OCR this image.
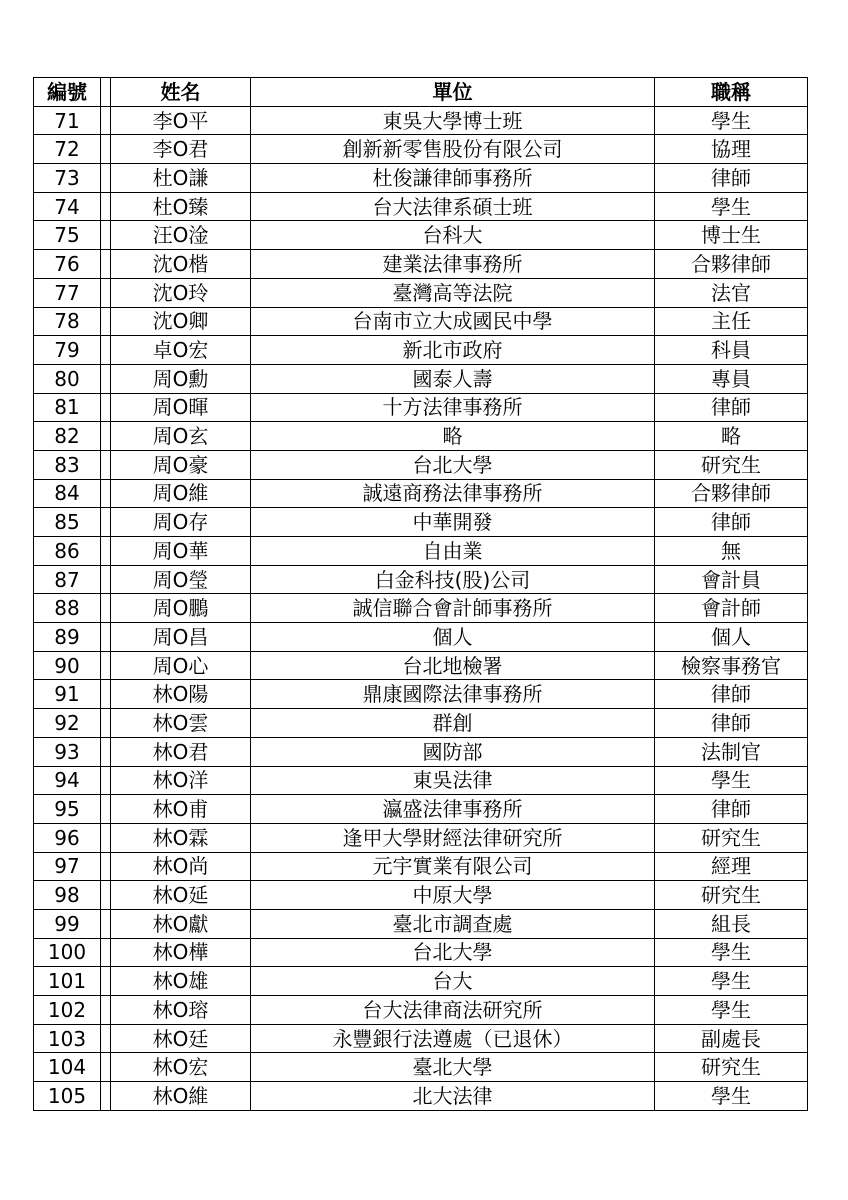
編號		姓名	單位	職稱
71		李O平	東吳大學博士班	學生
72		李O君	創新新零售股份有限公司	協理
73		杜O謙	杜俊謙律師事務所	律師
74		杜O臻	台大法律系碩士班	學生
75		汪O淦	台科大	博士生
76		沈O楷	建業法律事務所	合夥律師
77		沈O玲	臺灣高等法院	法官
78		沈O卿	台南市立大成國民中學	主任
79		卓O宏	新北市政府	科員
80		周O勳	國泰人壽	專員
81		周O暉	十方法律事務所	律師
82		周O玄	略	略
83		周O豪	台北大學	研究生
84		周O維	誠遠商務法律事務所	合夥律師
85		周O存	中華開發	律師
86		周O華	自由業	無
87		周O瑩	白金科技(股)公司	會計員
88		周O鵬	誠信聯合會計師事務所	會計師
89		周O昌	個人	個人
90		周O心	台北地檢署	檢察事務官
91		林O陽	鼎康國際法律事務所	律師
92		林O雲	群創	律師
93		林O君	國防部	法制官
94		林O洋	東吳法律	學生
95		林O甫	瀛盛法律事務所	律師
96		林O霖	逢甲大學財經法律研究所	研究生
97		林O尚	元宇實業有限公司	經理
98		林O延	中原大學	研究生
99		林O獻	臺北市調查處	組長
100		林O樺	台北大學	學生
101		林O雄	台大	學生
102		林O瑢	台大法律商法研究所	學生
103		林O廷	永豐銀行法遵處（已退休）	副處長
104		林O宏	臺北大學	研究生
105		林O維	北大法律	學生
